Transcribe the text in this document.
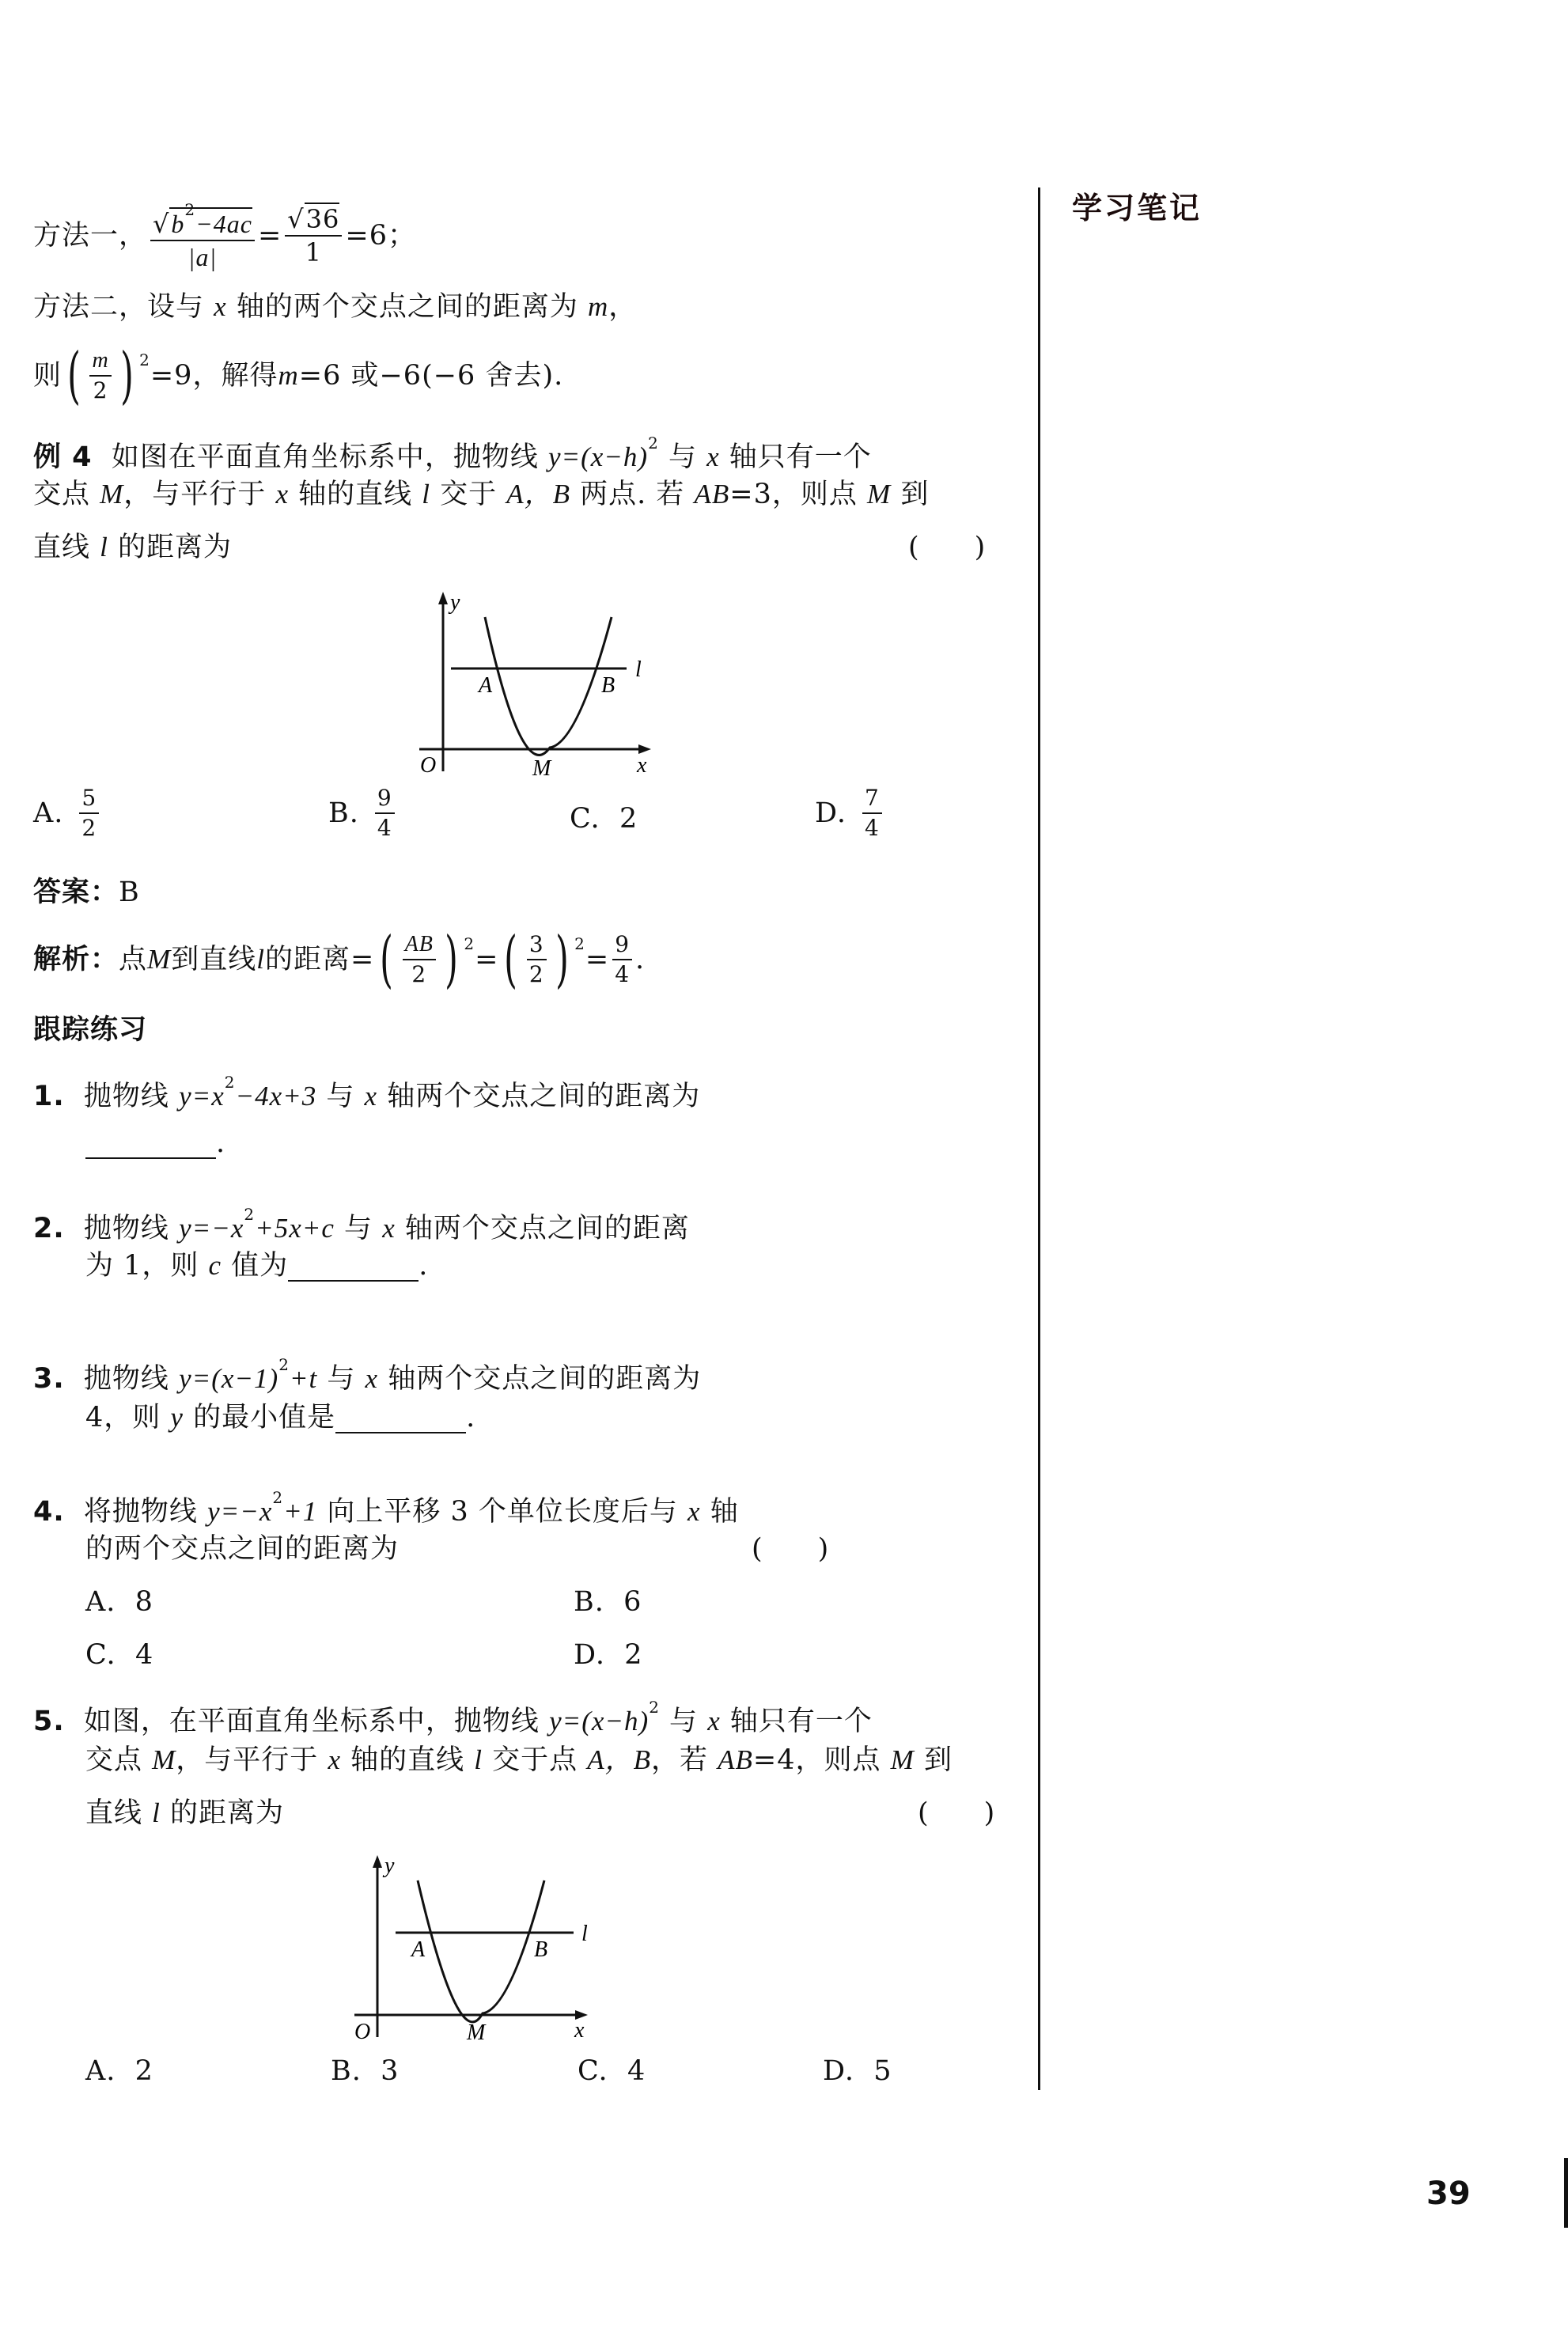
学习笔记
方法一， $\frac{√b^2-4ac}{|a|} = \frac{√36}{1} =6$；
方法二，设与 x 轴的两个交点之间的距离为 m，
则 ( $\frac{m}{2}$ ) $^2$ =9，解得 m =6 或−6(−6 舍去).
例 4 如图在平面直角坐标系中，抛物线 $y=(x-h)^2$ 与 x 轴只有一个
交点 M，与平行于 x 轴的直线 l 交于 A，B 两点. 若 AB=3，则点 M 到
直线 l 的距离为	(　　)
y
O	M	x
A	B
l
A. $\frac{5}{2}$	B. $\frac{9}{4}$	C. 2	D. $\frac{7}{4}$
答案：B
解析： 点 M 到直线 l 的距离= ( $\frac{AB}{2}$ ) $^2$ = ( $\frac{3}{2}$ ) $^2 = \frac{9}{4}$ .
跟踪练习
1. 抛物线 $y=x^2-4x+3$ 与 x 轴两个交点之间的距离为
.
2. 抛物线 $y=-x^2+5x+c$ 与 x 轴两个交点之间的距离
为 1，则 c 值为	.
3. 抛物线 $y=(x-1)^2+t$ 与 x 轴两个交点之间的距离为
4，则 y 的最小值是	.
4. 将抛物线 $y=-x^2+1$ 向上平移 3 个单位长度后与 x 轴
的两个交点之间的距离为	(　　)
A. 8	B. 6
C. 4	D. 2
5. 如图，在平面直角坐标系中，抛物线 $y=(x-h)^2$ 与 x 轴只有一个
交点 M，与平行于 x 轴的直线 l 交于点 A，B，若 AB=4，则点 M 到
直线 l 的距离为	(　　)
y
O	M	x
A	B
l
A. 2	B. 3	C. 4	D. 5
39
